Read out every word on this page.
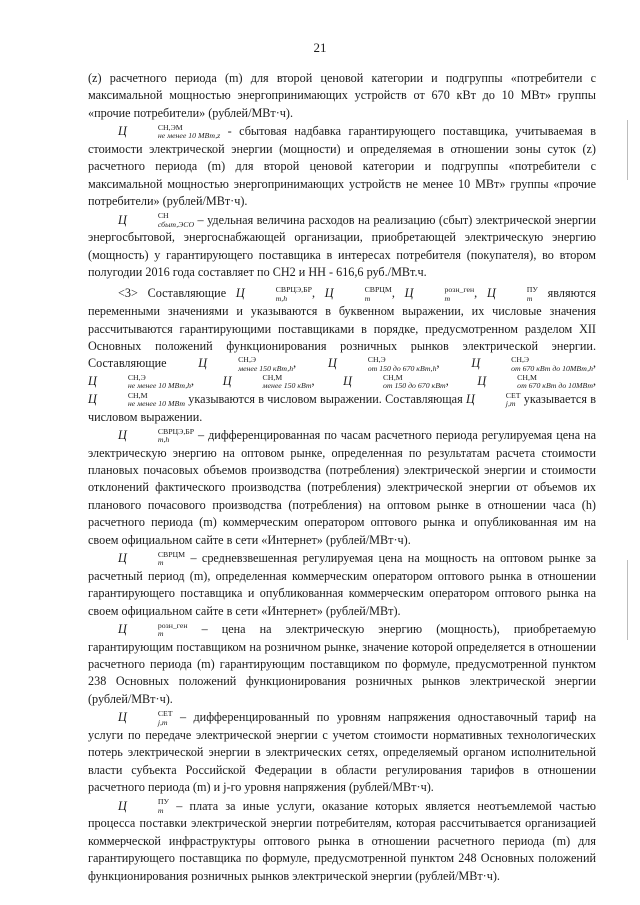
21

(z) расчетного периода (m) для второй ценовой категории и подгруппы «потребители с максимальной мощностью энергопринимающих устройств от 670 кВт до 10 МВт» группы «прочие потребители» (рублей/МВт·ч).

Ц	СН,ЭМ
не менее 10 МВт,z - сбытовая надбавка гарантирующего поставщика, учитываемая в стоимости электрической энергии (мощности) и определяемая в отношении зоны суток (z) расчетного периода (m) для второй ценовой категории и подгруппы «потребители с максимальной мощностью энергопринимающих устройств не менее 10 МВт» группы «прочие потребители» (рублей/МВт·ч).

Ц	СН
сбыт,ЭСО – удельная величина расходов на реализацию (сбыт) электрической энергии энергосбытовой, энергоснабжающей организации, приобретающей электрическую энергию (мощность) у гарантирующего поставщика в интересах потребителя (покупателя), во втором полугодии 2016 года составляет по СН2 и НН - 616,6 руб./МВт.ч.

<3> Составляющие Ц	СВРЦЭ,БР
m,h	, Ц	СВРЦМ
m	, Ц	розн_ген
m	, Ц	ПУ
m являются переменными значениями и указываются в буквенном выражении, их числовые значения рассчитываются гарантирующими поставщиками в порядке, предусмотренном разделом XII Основных положений функционирования розничных рынков электрической энергии. Составляющие Ц	СН,Э
менее 150 кВт,h , Ц	СН,Э
от 150 до 670 кВт,h , Ц	СН,Э
от 670 кВт до 10МВт,h , Ц	СН,Э
не менее 10 МВт,h , Ц	СН,М
менее 150 кВт , Ц	СН,М
от 150 до 670 кВт , Ц	СН,М
от 670 кВт до 10МВт , Ц	СН,М
не менее 10 МВт указываются в числовом выражении. Составляющая Ц	СЕТ
j,m указывается в числовом выражении.

Ц	СВРЦЭ,БР
m,h	– дифференцированная по часам расчетного периода регулируемая цена на электрическую энергию на оптовом рынке, определенная по результатам расчета стоимости плановых почасовых объемов производства (потребления) электрической энергии и стоимости отклонений фактического производства (потребления) электрической энергии от объемов их планового почасового производства (потребления) на оптовом рынке в отношении часа (h) расчетного периода (m) коммерческим оператором оптового рынка и опубликованная им на своем официальном сайте в сети «Интернет» (рублей/МВт·ч).

Ц	СВРЦМ
m	– средневзвешенная регулируемая цена на мощность на оптовом рынке за расчетный период (m), определенная коммерческим оператором оптового рынка в отношении гарантирующего поставщика и опубликованная коммерческим оператором оптового рынка на своем официальном сайте в сети «Интернет» (рублей/МВт).

Ц	розн_ген
m	– цена на электрическую энергию (мощность), приобретаемую гарантирующим поставщиком на розничном рынке, значение которой определяется в отношении расчетного периода (m) гарантирующим поставщиком по формуле, предусмотренной пунктом 238 Основных положений функционирования розничных рынков электрической энергии (рублей/МВт·ч).

Ц	СЕТ
j,m – дифференцированный по уровням напряжения одноставочный тариф на услуги по передаче электрической энергии с учетом стоимости нормативных технологических потерь электрической энергии в электрических сетях, определяемый органом исполнительной власти субъекта Российской Федерации в области регулирования тарифов в отношении расчетного периода (m) и j-го уровня напряжения (рублей/МВт·ч).

Ц	ПУ
m – плата за иные услуги, оказание которых является неотъемлемой частью процесса поставки электрической энергии потребителям, которая рассчитывается организацией коммерческой инфраструктуры оптового рынка в отношении расчетного периода (m) для гарантирующего поставщика по формуле, предусмотренной пунктом 248 Основных положений функционирования розничных рынков электрической энергии (рублей/МВт·ч).
